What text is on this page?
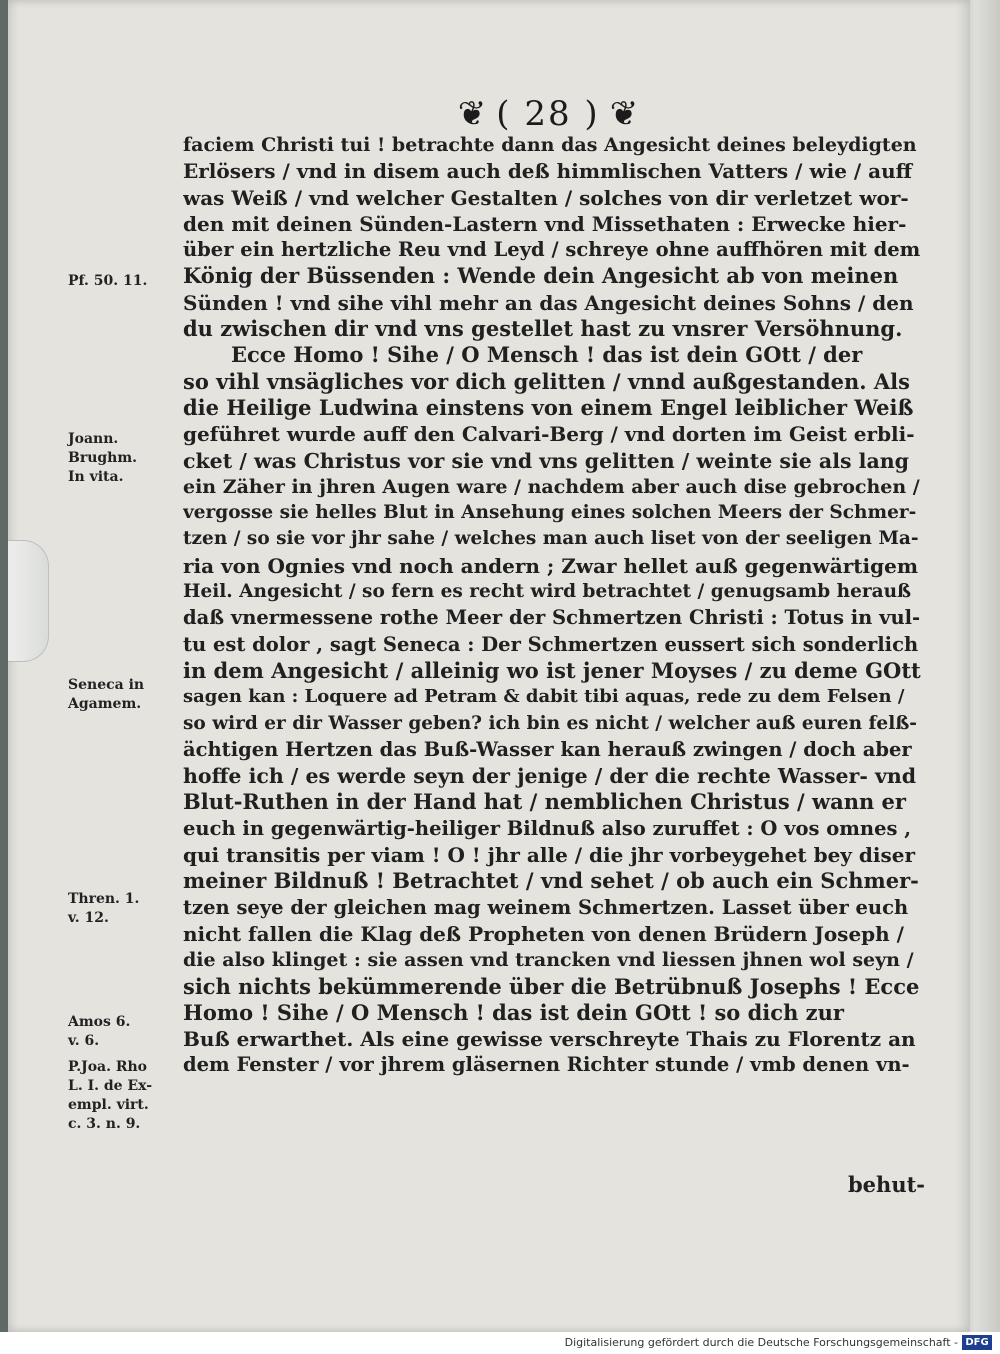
❦ ( 28 ) ❦
faciem Christi tui ! betrachte dann das Angesicht deines beleydigten
Erlösers / vnd in disem auch deß himmlischen Vatters / wie / auff
was Weiß / vnd welcher Gestalten / solches von dir verletzet wor-
den mit deinen Sünden-Lastern vnd Missethaten : Erwecke hier-
über ein hertzliche Reu vnd Leyd / schreye ohne auffhören mit dem
König der Büssenden : Wende dein Angesicht ab von meinen
Sünden ! vnd sihe vihl mehr an das Angesicht deines Sohns / den
du zwischen dir vnd vns gestellet hast zu vnsrer Versöhnung.
Ecce Homo ! Sihe / O Mensch ! das ist dein GOtt / der
so vihl vnsägliches vor dich gelitten / vnnd außgestanden. Als
die Heilige Ludwina einstens von einem Engel leiblicher Weiß
geführet wurde auff den Calvari-Berg / vnd dorten im Geist erbli-
cket / was Christus vor sie vnd vns gelitten / weinte sie als lang
ein Zäher in jhren Augen ware / nachdem aber auch dise gebrochen /
vergosse sie helles Blut in Ansehung eines solchen Meers der Schmer-
tzen / so sie vor jhr sahe / welches man auch liset von der seeligen Ma-
ria von Ognies vnd noch andern ; Zwar hellet auß gegenwärtigem
Heil. Angesicht / so fern es recht wird betrachtet / genugsamb herauß
daß vnermessene rothe Meer der Schmertzen Christi : Totus in vul-
tu est dolor , sagt Seneca : Der Schmertzen eussert sich sonderlich
in dem Angesicht / alleinig wo ist jener Moyses / zu deme GOtt
sagen kan : Loquere ad Petram & dabit tibi aquas, rede zu dem Felsen /
so wird er dir Wasser geben? ich bin es nicht / welcher auß euren felß-
ächtigen Hertzen das Buß-Wasser kan herauß zwingen / doch aber
hoffe ich / es werde seyn der jenige / der die rechte Wasser- vnd
Blut-Ruthen in der Hand hat / nemblichen Christus / wann er
euch in gegenwärtig-heiliger Bildnuß also zuruffet : O vos omnes ,
qui transitis per viam ! O ! jhr alle / die jhr vorbeygehet bey diser
meiner Bildnuß ! Betrachtet / vnd sehet / ob auch ein Schmer-
tzen seye der gleichen mag weinem Schmertzen. Lasset über euch
nicht fallen die Klag deß Propheten von denen Brüdern Joseph /
die also klinget : sie assen vnd trancken vnd liessen jhnen wol seyn /
sich nichts bekümmerende über die Betrübnuß Josephs ! Ecce
Homo ! Sihe / O Mensch ! das ist dein GOtt ! so dich zur
Buß erwarthet. Als eine gewisse verschreyte Thais zu Florentz an
dem Fenster / vor jhrem gläsernen Richter stunde / vmb denen vn-
Pf. 50. 11.
Joann.
Brughm.
In vita.
Seneca in
Agamem.
Thren. 1.
v. 12.
Amos 6.
v. 6.
P.Joa. Rho
L. I. de Ex-
empl. virt.
c. 3. n. 9.
behut-
Digitalisierung gefördert durch die Deutsche Forschungsgemeinschaft - DFG
